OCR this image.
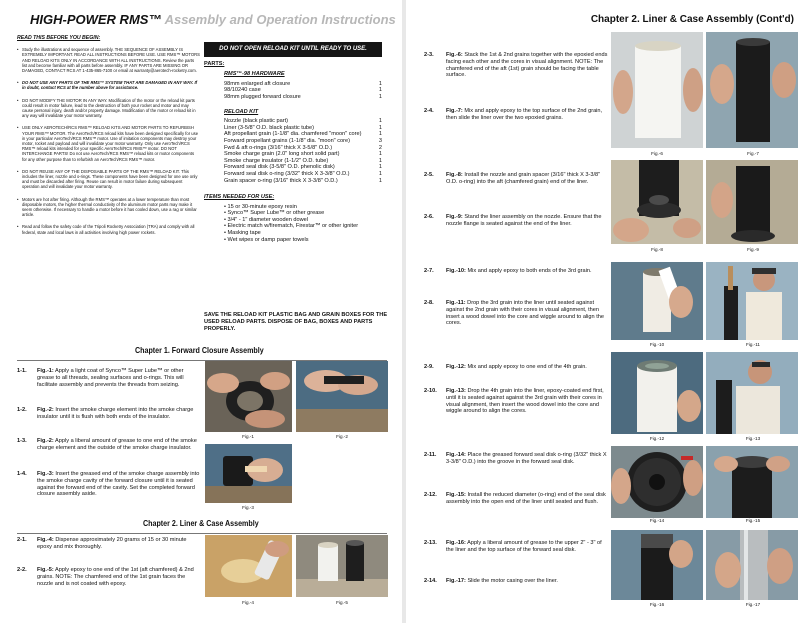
HIGH-POWER RMS™ Assembly and Operation Instructions
READ THIS BEFORE YOU BEGIN:
• Study the illustrations and sequence of assembly. THE SEQUENCE OF ASSEMBLY IS EXTREMELY IMPORTANT. READ ALL INSTRUCTIONS BEFORE USE. USE RMS™ MOTORS AND RELOAD KITS ONLY IN ACCORDANCE WITH ALL INSTRUCTIONS. Review the parts list and become familiar with all parts before assembly. IF ANY PARTS ARE MISSING OR DAMAGED, CONTACT RCS AT 1-435-865-7100 or email at warranty@aerotech-rocketry.com.
• DO NOT USE ANY PARTS OF THE RMS™ SYSTEM THAT ARE DAMAGED IN ANY WAY. If in doubt, contact RCS at the number above for assistance.
• DO NOT MODIFY THE MOTOR IN ANY WAY. Modification of the motor or the reload kit parts could result in motor failure, lead to the destruction of both your rocket and motor and may cause personal injury, death and/or property damage. Modification of the motor or reload kit in any way will invalidate your motor warranty.
• USE ONLY AEROTECH/RCS RMS™ RELOAD KITS AND MOTOR PARTS TO REFURBISH YOUR RMS™ MOTOR. The AeroTech/RCS reload kits have been designed specifically for use in your particular AeroTech/RCS RMS™ motor. Use of imitation components may destroy your motor, rocket and payload and will invalidate your motor warranty. Only use AeroTech/RCS RMS™ reload kits intended for your specific AeroTech/RCS RMS™ motor. DO NOT INTERCHANGE PARTS! Do not use AeroTech/RCS RMS™ reload kits or motor components for any other purpose than to refurbish an AeroTech/RCS RMS™ motor.
• DO NOT REUSE ANY OF THE DISPOSABLE PARTS OF THE RMS™ RELOAD KIT. This includes the liner, nozzle and o-rings. These components have been designed for one use only and must be discarded after firing. Reuse can result in motor failure during subsequent operation and will invalidate your motor warranty.
• Motors are hot after firing. Although the RMS™ operates at a lower temperature than most disposable motors, the higher thermal conductivity of the aluminum motor parts may make it seem otherwise. If necessary to handle a motor before it has cooled down, use a rag or similar article.
• Read and follow the safety code of the Tripoli Rocketry Association (TRA) and comply with all federal, state and local laws in all activities involving high power rockets.
DO NOT OPEN RELOAD KIT UNTIL READY TO USE.
PARTS:
RMS™-98 HARDWARE
98mm enlarged aft closure	1
98/10240 case	1
98mm plugged forward closure	1
RELOAD KIT
Nozzle (black plastic part)	1
Liner (3-5/8" O.D. black plastic tube)	1
Aft propellant grain (1-1/8" dia. chamfered "moon" core)	1
Forward propellant grains (1-1/8" dia. "moon" core)	3
Fwd & aft o-rings (3/16" thick X 3-5/8" O.D.)	2
Smoke charge grain (2.0" long short solid part)	1
Smoke charge insulator (1-1/2" O.D. tube)	1
Forward seal disk (3-5/8" O.D. phenolic disk)	1
Forward seal disk o-ring (3/32" thick X 3-3/8" O.D.)	1
Grain spacer o-ring (3/16" thick X 3-3/8" O.D.)	1
ITEMS NEEDED FOR USE:
• 15 or 30-minute epoxy resin
• Synco™ Super Lube™ or other grease
• 3/4" - 1" diameter wooden dowel
• Electric match w/firematch, Firestar™ or other igniter
• Masking tape
• Wet wipes or damp paper towels
SAVE THE RELOAD KIT PLASTIC BAG AND GRAIN BOXES FOR THE USED RELOAD PARTS. DISPOSE OF BAG, BOXES AND PARTS PROPERLY.
Chapter 1. Forward Closure Assembly
1-1. Fig.-1: Apply a light coat of Synco™ Super Lube™ or other grease to all threads, sealing surfaces and o-rings. This will facilitate assembly and prevents the threads from seizing.
1-2. Fig.-2: Insert the smoke charge element into the smoke charge insulator until it is flush with both ends of the insulator.
1-3. Fig.-2: Apply a liberal amount of grease to one end of the smoke charge element and the outside of the smoke charge insulator.
1-4. Fig.-3: Insert the greased end of the smoke charge assembly into the smoke charge cavity of the forward closure until it is seated against the forward end of the cavity. Set the completed forward closure assembly aside.
Fig.-1	Fig.-2
Fig.-3
Chapter 2. Liner & Case Assembly
2-1. Fig.-4: Dispense approximately 20 grams of 15 or 30 minute epoxy and mix thoroughly.
2-2. Fig.-5: Apply epoxy to one end of the 1st (aft chamfered) & 2nd grains. NOTE: The chamfered end of the 1st grain faces the nozzle and is not coated with epoxy.
Fig.-4	Fig.-5
Chapter 2. Liner & Case Assembly (Cont'd)
2-3. Fig.-6: Stack the 1st & 2nd grains together with the epoxied ends facing each other and the cores in visual alignment. NOTE: The chamfered end of the aft (1st) grain should be facing the table surface.
2-4. Fig.-7: Mix and apply epoxy to the top surface of the 2nd grain, then slide the liner over the two epoxied grains.
2-5. Fig.-8: Install the nozzle and grain spacer (3/16" thick X 3-3/8" O.D. o-ring) into the aft (chamfered grain) end of the liner.
2-6. Fig.-9: Stand the liner assembly on the nozzle. Ensure that the nozzle flange is seated against the end of the liner.
2-7. Fig.-10: Mix and apply epoxy to both ends of the 3rd grain.
2-8. Fig.-11: Drop the 3rd grain into the liner until seated against against the 2nd grain with their cores in visual alignment, then insert a wood dowel into the core and wiggle around to align the cores.
2-9. Fig.-12: Mix and apply epoxy to one end of the 4th grain.
2-10. Fig.-13: Drop the 4th grain into the liner, epoxy-coated end first, until it is seated against against the 3rd grain with their cores in visual alignment, then insert the wood dowel into the core and wiggle around to align the cores.
2-11. Fig.-14: Place the greased forward seal disk o-ring (3/32" thick X 3-3/8" O.D.) into the groove in the forward seal disk.
2-12. Fig.-15: Install the reduced diameter (o-ring) end of the seal disk assembly into the open end of the liner until seated and flush.
2-13. Fig.-16: Apply a liberal amount of grease to the upper 2" - 3" of the liner and the top surface of the forward seal disk.
2-14. Fig.-17: Slide the motor casing over the liner.
Fig.-6	Fig.-7
Fig.-8	Fig.-9
Fig.-10	Fig.-11
Fig.-12	Fig.-13
Fig.-14	Fig.-15
Fig.-16	Fig.-17
